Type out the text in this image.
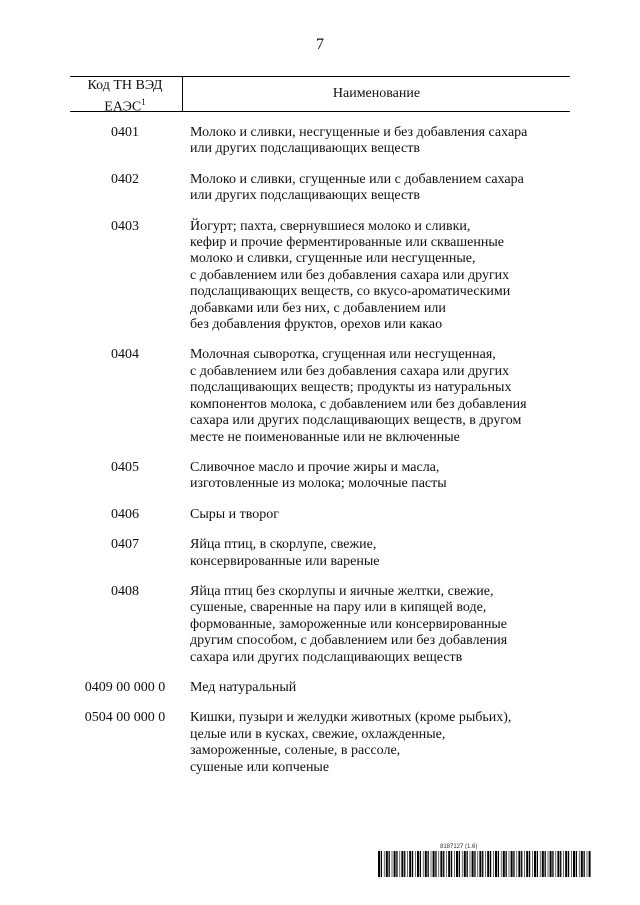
7
Код ТН ВЭД
ЕАЭС$^1$
Наименование
0401	Молоко и сливки, несгущенные и без добавления сахара
или других подслащивающих веществ
0402	Молоко и сливки, сгущенные или с добавлением сахара
или других подслащивающих веществ
0403	Йогурт; пахта, свернувшиеся молоко и сливки,
кефир и прочие ферментированные или сквашенные
молоко и сливки, сгущенные или несгущенные,
с добавлением или без добавления сахара или других
подслащивающих веществ, со вкусо-ароматическими
добавками или без них, с добавлением или
без добавления фруктов, орехов или какао
0404	Молочная сыворотка, сгущенная или несгущенная,
с добавлением или без добавления сахара или других
подслащивающих веществ; продукты из натуральных
компонентов молока, с добавлением или без добавления
сахара или других подслащивающих веществ, в другом
месте не поименованные или не включенные
0405	Сливочное масло и прочие жиры и масла,
изготовленные из молока; молочные пасты
0406	Сыры и творог
0407	Яйца птиц, в скорлупе, свежие,
консервированные или вареные
0408	Яйца птиц без скорлупы и яичные желтки, свежие,
сушеные, сваренные на пару или в кипящей воде,
формованные, замороженные или консервированные
другим способом, с добавлением или без добавления
сахара или других подслащивающих веществ
0409 00 000 0	Мед натуральный
0504 00 000 0	Кишки, пузыри и желудки животных (кроме рыбьих),
целые или в кусках, свежие, охлажденные,
замороженные, соленые, в рассоле,
сушеные или копченые
8187127 (1.6)
